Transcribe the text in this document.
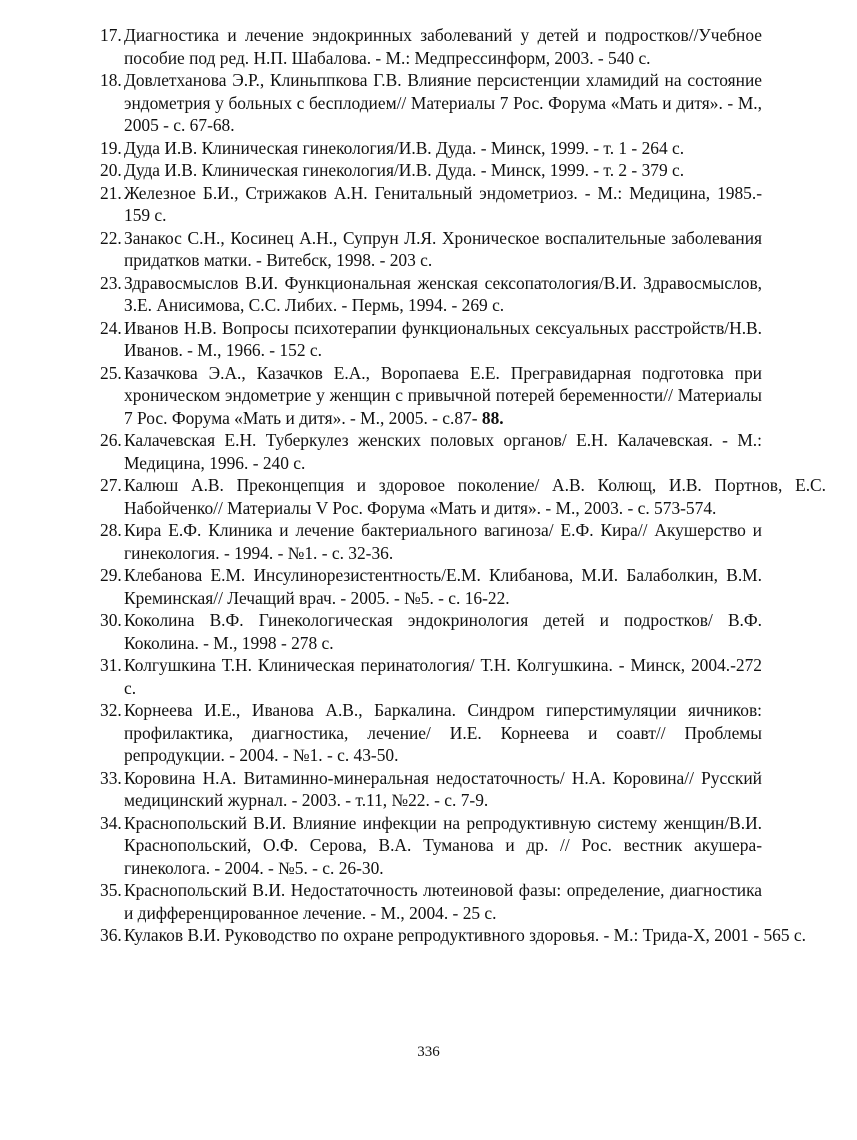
17. Диагностика и лечение эндокринных заболеваний у детей и подростков//Учебное пособие под ред. Н.П. Шабалова. - М.: Медпрессинформ, 2003. - 540 с.
18. Довлетханова Э.Р., Клиньппкова Г.В. Влияние персистенции хламидий на состояние эндометрия у больных с бесплодием// Материалы 7 Рос. Форума «Мать и дитя». - М., 2005 - с. 67-68.
19. Дуда И.В. Клиническая гинекология/И.В. Дуда. - Минск, 1999. - т. 1 - 264 с.
20. Дуда И.В. Клиническая гинекология/И.В. Дуда. - Минск, 1999. - т. 2 - 379 с.
21. Железное Б.И., Стрижаков А.Н. Генитальный эндометриоз. - М.: Медицина, 1985.- 159 с.
22. Занакос С.Н., Косинец А.Н., Супрун Л.Я. Хроническое воспалительные заболевания придатков матки. - Витебск, 1998. - 203 с.
23. Здравосмыслов В.И. Функциональная женская сексопатология/В.И. Здравосмыслов, З.Е. Анисимова, С.С. Либих. - Пермь, 1994. - 269 с.
24. Иванов Н.В. Вопросы психотерапии функциональных сексуальных расстройств/Н.В. Иванов. - М., 1966. - 152 с.
25. Казачкова Э.А., Казачков Е.А., Воропаева Е.Е. Прегравидарная подготовка при хроническом эндометрие у женщин с привычной потерей беременности// Материалы 7 Рос. Форума «Мать и дитя». - М., 2005. - с.87- 88.
26. Калачевская Е.Н. Туберкулез женских половых органов/ Е.Н. Калачевская. - М.: Медицина, 1996. - 240 с.
27. Калюш А.В. Преконцепция и здоровое поколение/ А.В. Колющ, И.В. Портнов, Е.С. Набойченко// Материалы V Рос. Форума «Мать и дитя». - М., 2003. - с. 573-574.
28. Кира Е.Ф. Клиника и лечение бактериального вагиноза/ Е.Ф. Кира// Акушерство и гинекология. - 1994. - №1. - с. 32-36.
29. Клебанова Е.М. Инсулинорезистентность/Е.М. Клибанова, М.И. Балаболкин, В.М. Креминская// Лечащий врач. - 2005. - №5. - с. 16-22.
30. Коколина В.Ф. Гинекологическая эндокринология детей и подростков/ В.Ф. Коколина. - М., 1998 - 278 с.
31. Колгушкина Т.Н. Клиническая перинатология/ Т.Н. Колгушкина. - Минск, 2004.-272 с.
32. Корнеева И.Е., Иванова А.В., Баркалина. Синдром гиперстимуляции яичников: профилактика, диагностика, лечение/ И.Е. Корнеева и соавт// Проблемы репродукции. - 2004. - №1. - с. 43-50.
33. Коровина Н.А. Витаминно-минеральная недостаточность/ Н.А. Коровина// Русский медицинский журнал. - 2003. - т.11, №22. - с. 7-9.
34. Краснопольский В.И. Влияние инфекции на репродуктивную систему женщин/В.И. Краснопольский, О.Ф. Серова, В.А. Туманова и др. // Рос. вестник акушера-гинеколога. - 2004. - №5. - с. 26-30.
35. Краснопольский В.И. Недостаточность лютеиновой фазы: определение, диагностика и дифференцированное лечение. - М., 2004. - 25 с.
36. Кулаков В.И. Руководство по охране репродуктивного здоровья. - М.: Трида-Х, 2001 - 565 с.
336
